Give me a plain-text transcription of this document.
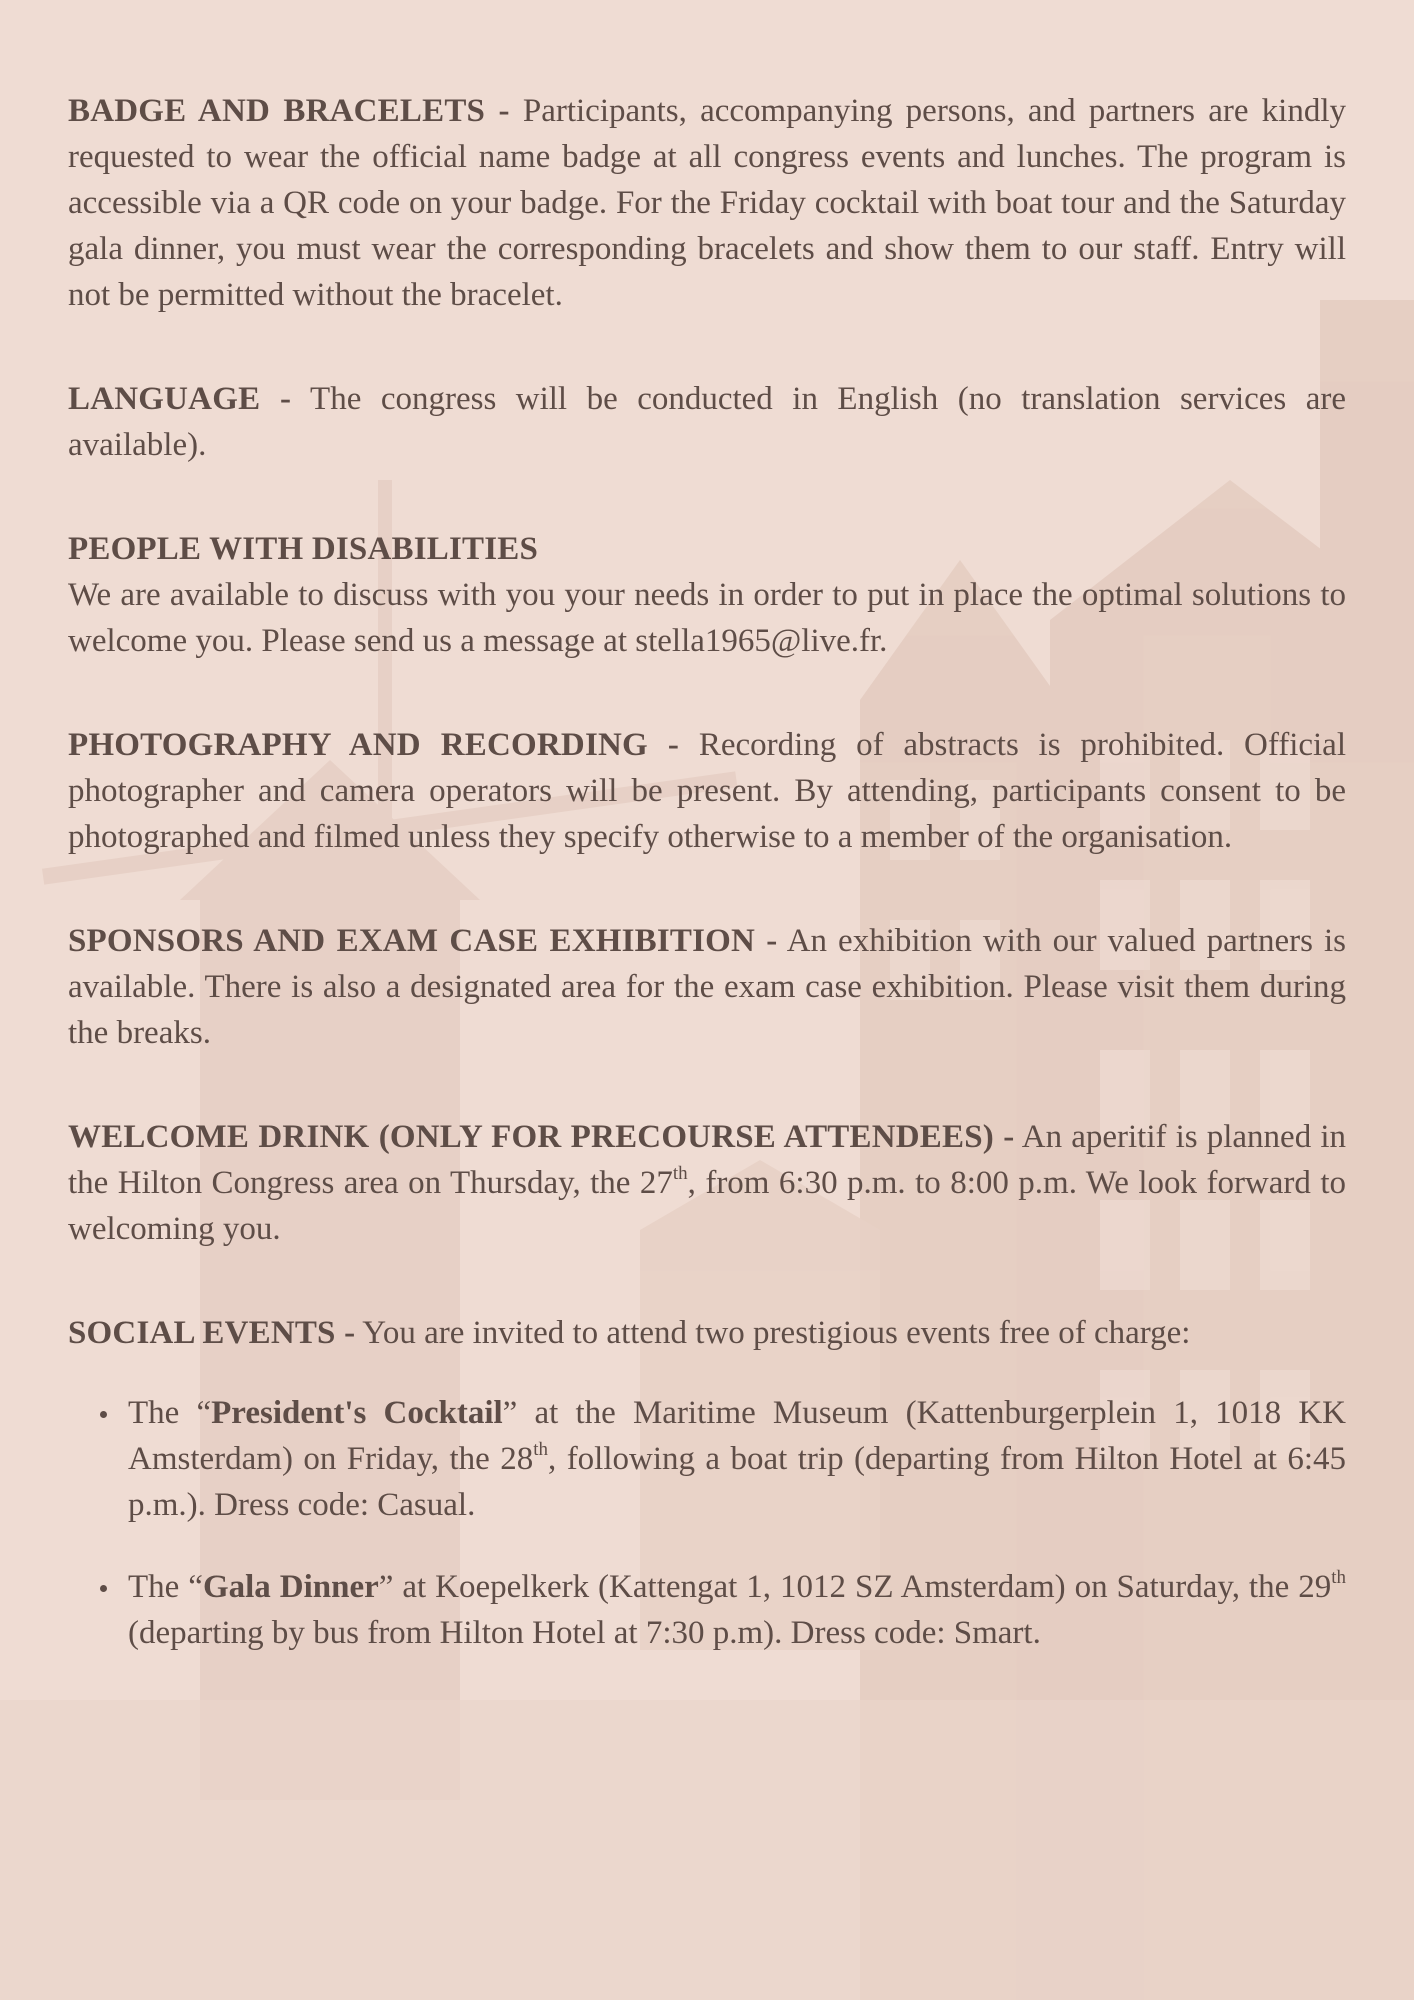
BADGE AND BRACELETS - Participants, accompanying persons, and partners are kindly requested to wear the official name badge at all congress events and lunches. The program is accessible via a QR code on your badge. For the Friday cocktail with boat tour and the Saturday gala dinner, you must wear the corresponding bracelets and show them to our staff. Entry will not be permitted without the bracelet.

LANGUAGE - The congress will be conducted in English (no translation services are available).

PEOPLE WITH DISABILITIES
We are available to discuss with you your needs in order to put in place the optimal solutions to welcome you. Please send us a message at stella1965@live.fr.

PHOTOGRAPHY AND RECORDING - Recording of abstracts is prohibited. Official photographer and camera operators will be present. By attending, participants consent to be photographed and filmed unless they specify otherwise to a member of the organisation.

SPONSORS AND EXAM CASE EXHIBITION - An exhibition with our valued partners is available. There is also a designated area for the exam case exhibition. Please visit them during the breaks.

WELCOME DRINK (ONLY FOR PRECOURSE ATTENDEES) - An aperitif is planned in the Hilton Congress area on Thursday, the 27th, from 6:30 p.m. to 8:00 p.m. We look forward to welcoming you.

SOCIAL EVENTS - You are invited to attend two prestigious events free of charge:

The “President's Cocktail” at the Maritime Museum (Kattenburgerplein 1, 1018 KK Amsterdam) on Friday, the 28th, following a boat trip (departing from Hilton Hotel at 6:45 p.m.). Dress code: Casual.
The “Gala Dinner” at Koepelkerk (Kattengat 1, 1012 SZ Amsterdam) on Saturday, the 29th (departing by bus from Hilton Hotel at 7:30 p.m). Dress code: Smart.
